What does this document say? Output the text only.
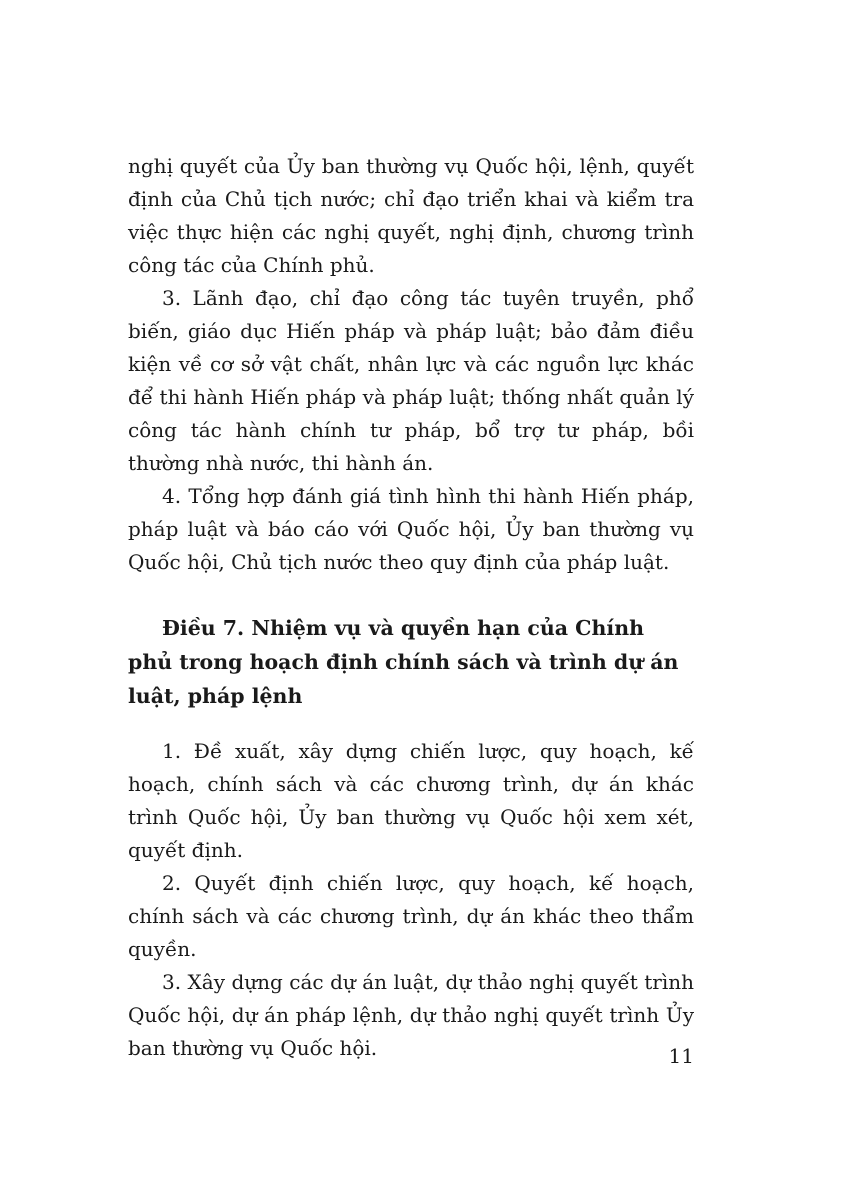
nghị quyết của Ủy ban thường vụ Quốc hội, lệnh, quyết định của Chủ tịch nước; chỉ đạo triển khai và kiểm tra việc thực hiện các nghị quyết, nghị định, chương trình công tác của Chính phủ.

3. Lãnh đạo, chỉ đạo công tác tuyên truyền, phổ biến, giáo dục Hiến pháp và pháp luật; bảo đảm điều kiện về cơ sở vật chất, nhân lực và các nguồn lực khác để thi hành Hiến pháp và pháp luật; thống nhất quản lý công tác hành chính tư pháp, bổ trợ tư pháp, bồi thường nhà nước, thi hành án.

4. Tổng hợp đánh giá tình hình thi hành Hiến pháp, pháp luật và báo cáo với Quốc hội, Ủy ban thường vụ Quốc hội, Chủ tịch nước theo quy định của pháp luật.

Điều 7. Nhiệm vụ và quyền hạn của Chính phủ trong hoạch định chính sách và trình dự án luật, pháp lệnh

1. Đề xuất, xây dựng chiến lược, quy hoạch, kế hoạch, chính sách và các chương trình, dự án khác trình Quốc hội, Ủy ban thường vụ Quốc hội xem xét, quyết định.

2. Quyết định chiến lược, quy hoạch, kế hoạch, chính sách và các chương trình, dự án khác theo thẩm quyền.

3. Xây dựng các dự án luật, dự thảo nghị quyết trình Quốc hội, dự án pháp lệnh, dự thảo nghị quyết trình Ủy ban thường vụ Quốc hội.	11
